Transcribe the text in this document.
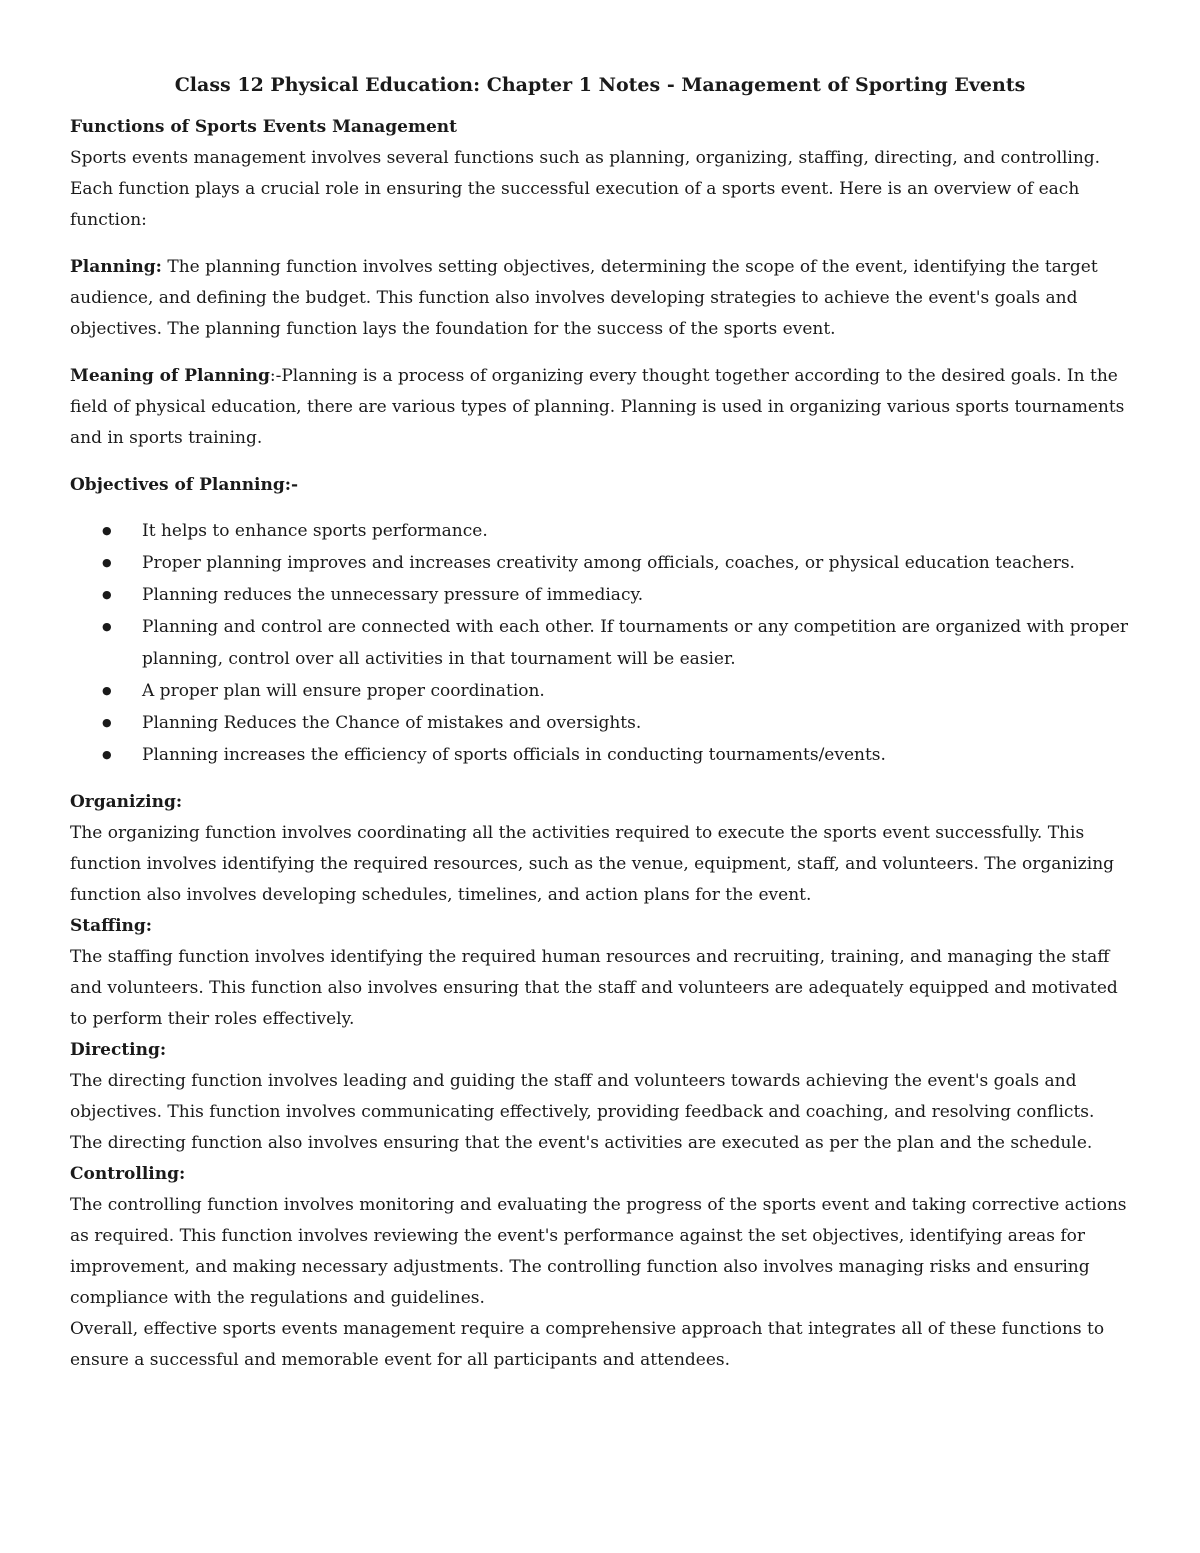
Class 12 Physical Education: Chapter 1 Notes - Management of Sporting Events
Functions of Sports Events Management

Sports events management involves several functions such as planning, organizing, staffing, directing, and controlling. Each function plays a crucial role in ensuring the successful execution of a sports event. Here is an overview of each function:

Planning: The planning function involves setting objectives, determining the scope of the event, identifying the target audience, and defining the budget. This function also involves developing strategies to achieve the event's goals and objectives. The planning function lays the foundation for the success of the sports event.

Meaning of Planning:-Planning is a process of organizing every thought together according to the desired goals. In the field of physical education, there are various types of planning. Planning is used in organizing various sports tournaments and in sports training.

Objectives of Planning:-
● It helps to enhance sports performance.
● Proper planning improves and increases creativity among officials, coaches, or physical education teachers.
● Planning reduces the unnecessary pressure of immediacy.
● Planning and control are connected with each other. If tournaments or any competition are organized with proper planning, control over all activities in that tournament will be easier.
● A proper plan will ensure proper coordination.
● Planning Reduces the Chance of mistakes and oversights.
● Planning increases the efficiency of sports officials in conducting tournaments/events.
Organizing:

The organizing function involves coordinating all the activities required to execute the sports event successfully. This function involves identifying the required resources, such as the venue, equipment, staff, and volunteers. The organizing function also involves developing schedules, timelines, and action plans for the event.

Staffing:

The staffing function involves identifying the required human resources and recruiting, training, and managing the staff and volunteers. This function also involves ensuring that the staff and volunteers are adequately equipped and motivated to perform their roles effectively.

Directing:

The directing function involves leading and guiding the staff and volunteers towards achieving the event's goals and objectives. This function involves communicating effectively, providing feedback and coaching, and resolving conflicts. The directing function also involves ensuring that the event's activities are executed as per the plan and the schedule.

Controlling:

The controlling function involves monitoring and evaluating the progress of the sports event and taking corrective actions as required. This function involves reviewing the event's performance against the set objectives, identifying areas for improvement, and making necessary adjustments. The controlling function also involves managing risks and ensuring compliance with the regulations and guidelines.

Overall, effective sports events management require a comprehensive approach that integrates all of these functions to ensure a successful and memorable event for all participants and attendees.
